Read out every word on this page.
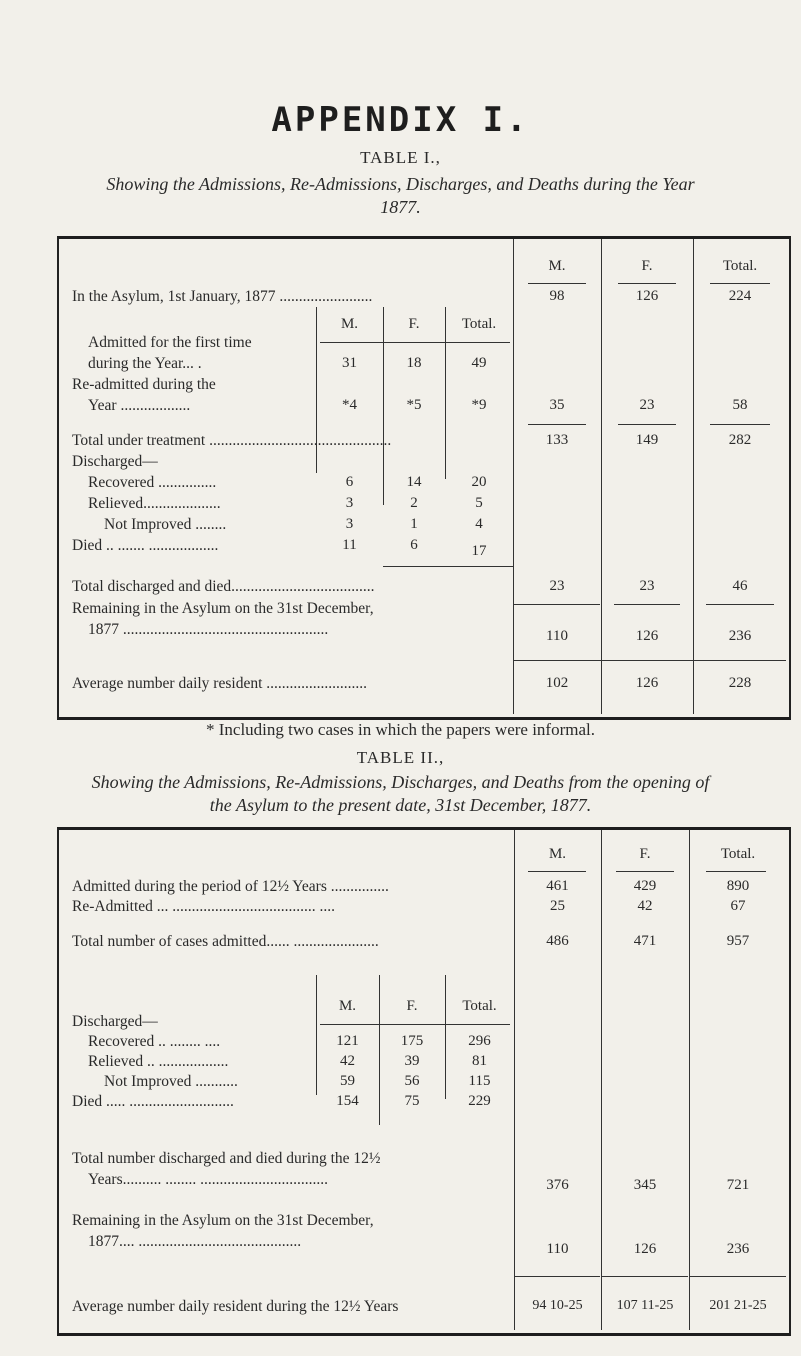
APPENDIX I.
TABLE I.,
Showing the Admissions, Re-Admissions, Discharges, and Deaths during the Year
1877.
M.	F.	Total.
In the Asylum, 1st January, 1877 ........................	98	126	224
M.	F.	Total.
Admitted for the first time
during the Year... .	31	18	49
Re-admitted during the
Year ..................	*4	*5	*9	35	23	58
Total under treatment ...............................................	133	149	282
Discharged—
Recovered ...............	6	14	20
Relieved....................	3	2	5
Not Improved ........	3	1	4
Died .. ....... ..................	11	6	17
Total discharged and died.....................................	23	23	46
Remaining in the Asylum on the 31st December,
1877 .....................................................	110	126	236
Average number daily resident ..........................	102	126	228
* Including two cases in which the papers were informal.
TABLE II.,
Showing the Admissions, Re-Admissions, Discharges, and Deaths from the opening of
the Asylum to the present date, 31st December, 1877.
M.	F.	Total.
Admitted during the period of 12½ Years ...............	461	429	890
Re-Admitted ... ..................................... ....	25	42	67
Total number of cases admitted...... ......................	486	471	957
M.	F.	Total.
Discharged—
Recovered .. ........ ....	121	175	296
Relieved .. ..................	42	39	81
Not Improved ...........	59	56	115
Died ..... ...........................	154	75	229
Total number discharged and died during the 12½
Years.......... ........ .................................	376	345	721
Remaining in the Asylum on the 31st December,
1877.... ..........................................	110	126	236
Average number daily resident during the 12½ Years	94 10-25	107 11-25	201 21-25
